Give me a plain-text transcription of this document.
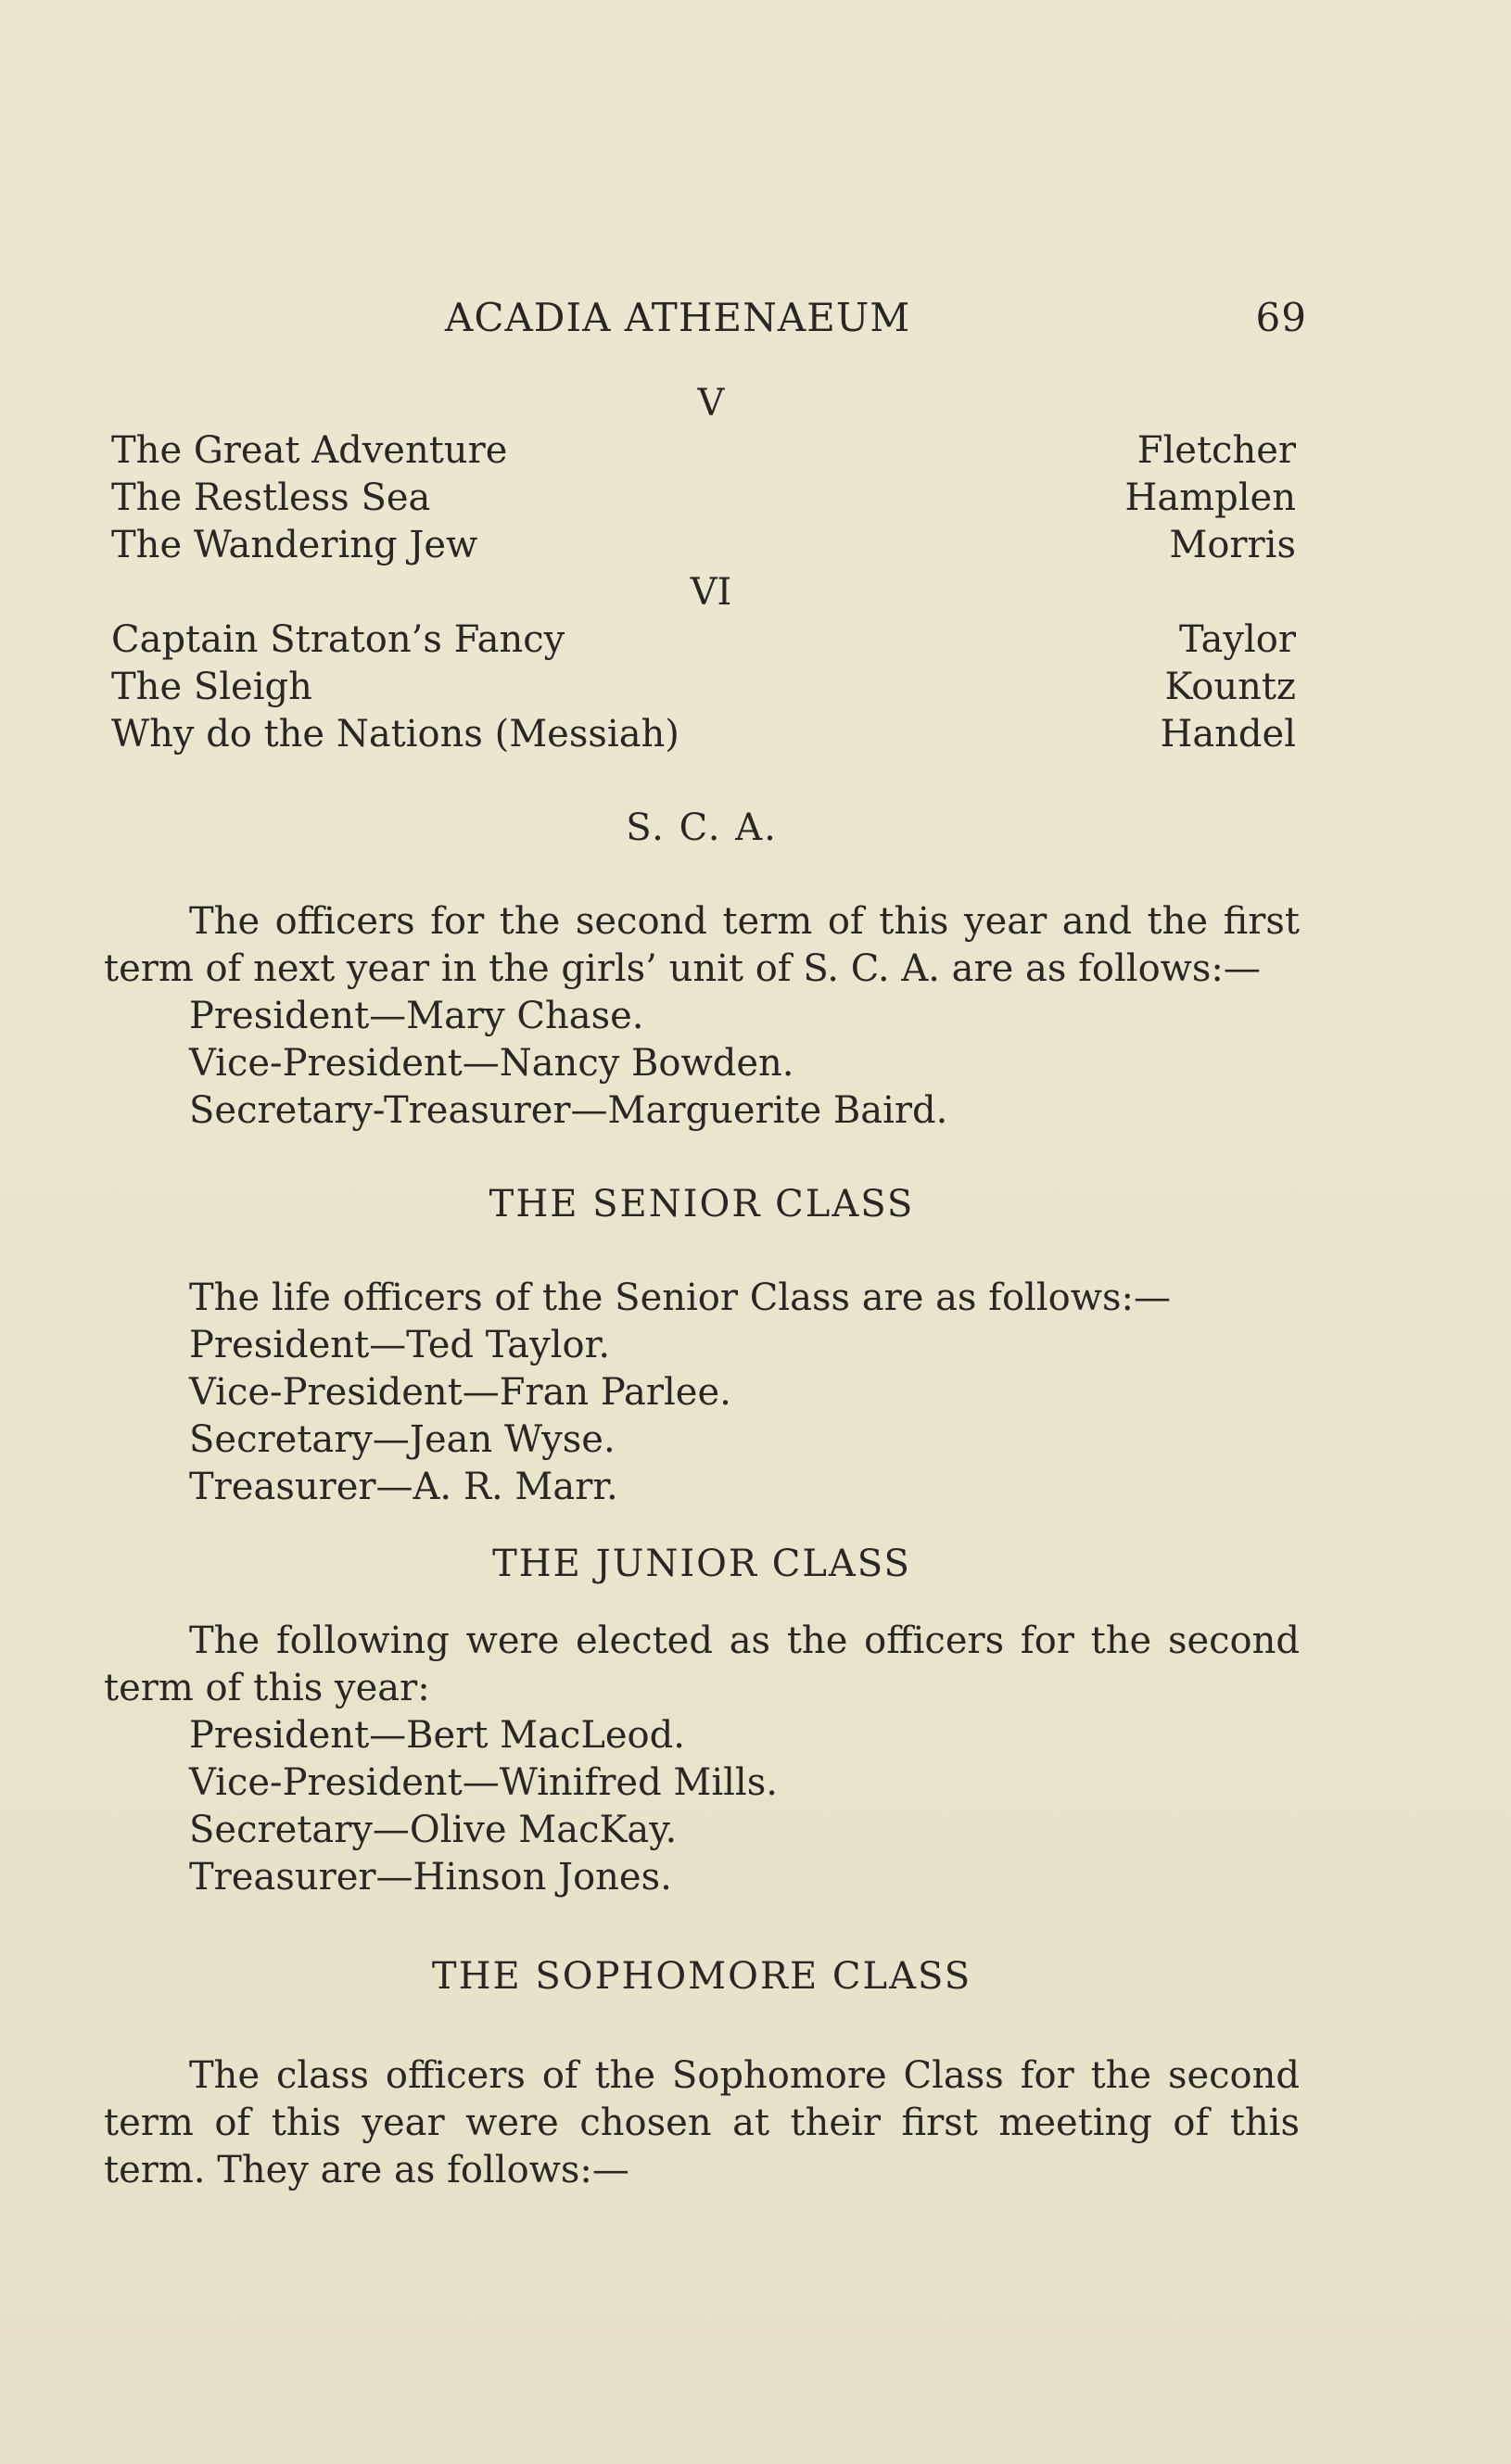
ACADIA ATHENAEUM	69

V

The Great Adventure	Fletcher
The Restless Sea	Hamplen
The Wandering Jew	Morris

VI

Captain Straton’s Fancy	Taylor
The Sleigh	Kountz
Why do the Nations (Messiah)	Handel

S. C. A.

The officers for the second term of this year and the first term of next year in the girls’ unit of S. C. A. are as follows:—

President—Mary Chase.

Vice-President—Nancy Bowden.

Secretary-Treasurer—Marguerite Baird.

THE SENIOR CLASS

The life officers of the Senior Class are as follows:—

President—Ted Taylor.

Vice-President—Fran Parlee.

Secretary—Jean Wyse.

Treasurer—A. R. Marr.

THE JUNIOR CLASS

The following were elected as the officers for the second term of this year:

President—Bert MacLeod.

Vice-President—Winifred Mills.

Secretary—Olive MacKay.

Treasurer—Hinson Jones.

THE SOPHOMORE CLASS

The class officers of the Sophomore Class for the second term of this year were chosen at their first meeting of this term. They are as follows:—
